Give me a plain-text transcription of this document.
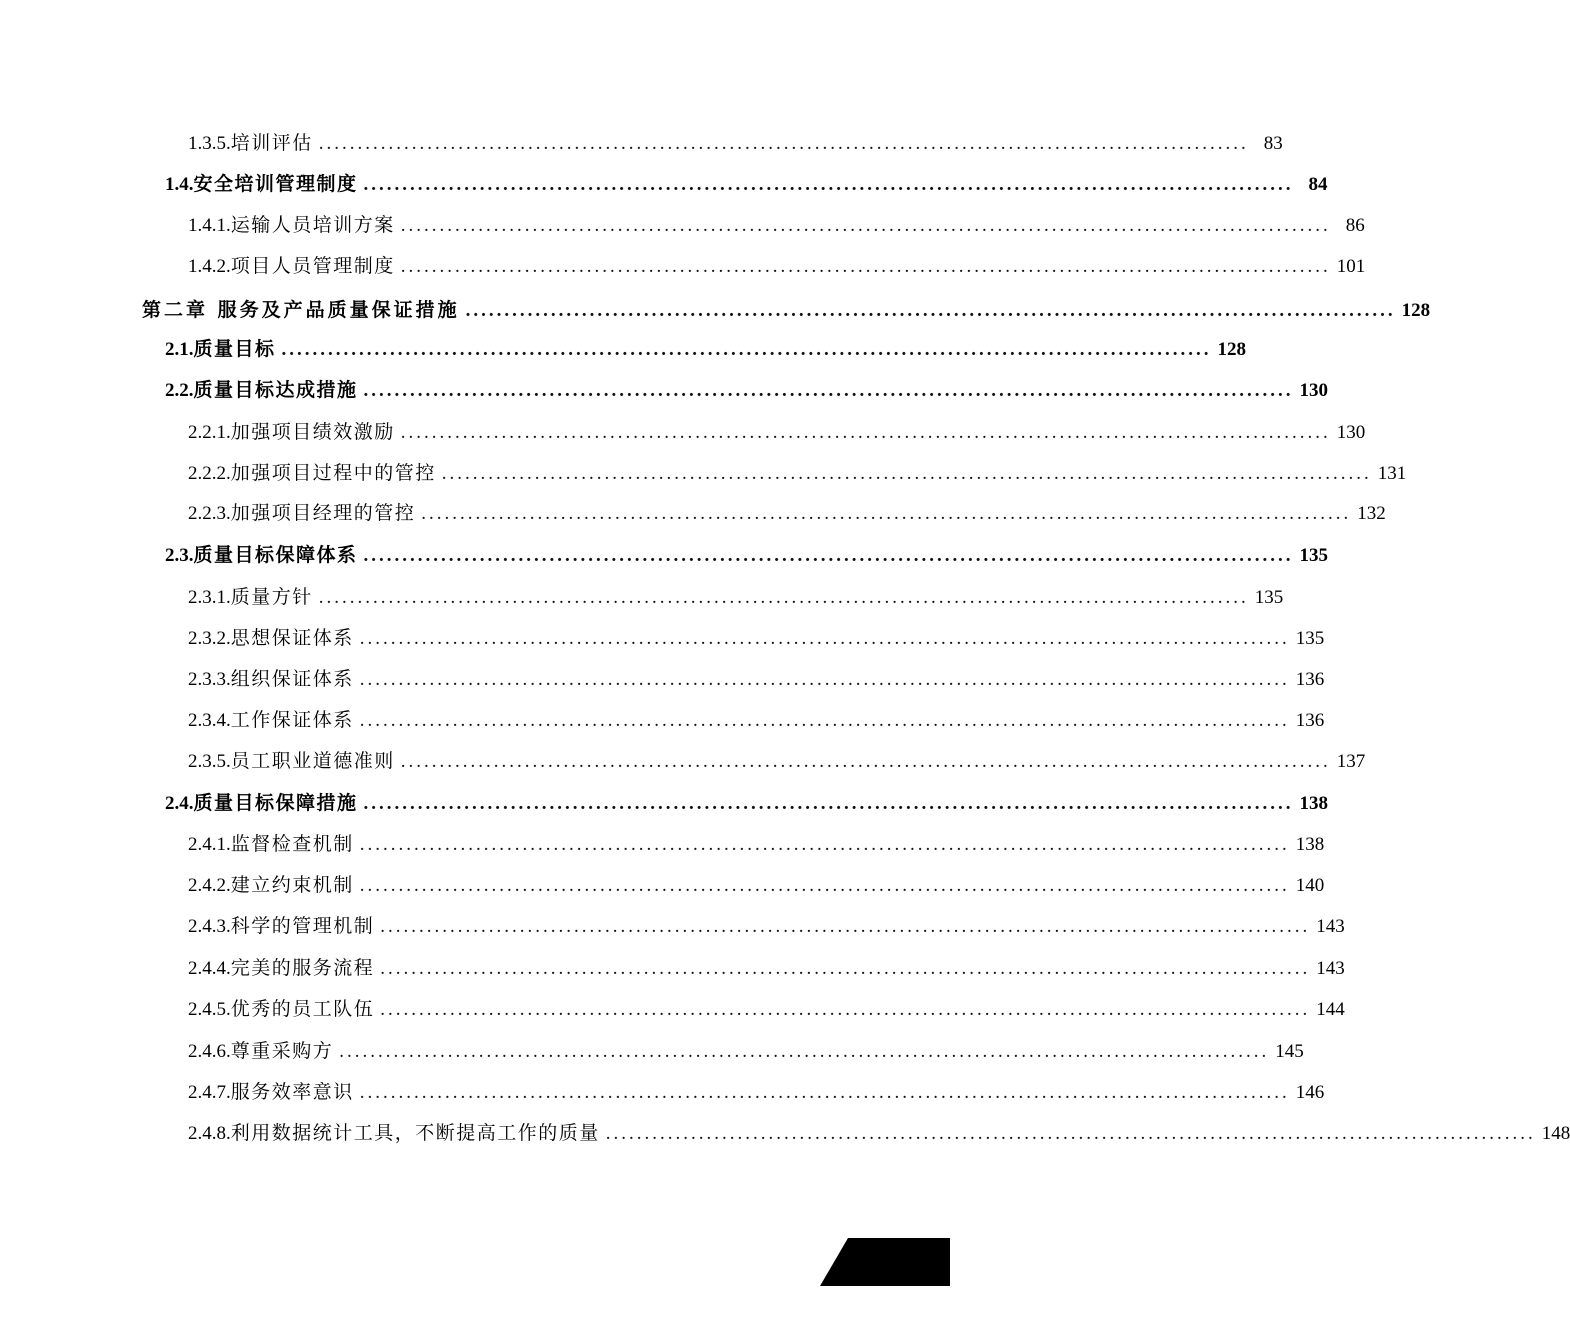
1.3.5. 培训评估 ........................................................................................................................ 83
1.4. 安全培训管理制度 ........................................................................................................................ 84
1.4.1. 运输人员培训方案 ........................................................................................................................ 86
1.4.2. 项目人员管理制度 ........................................................................................................................ 101
第二章 服务及产品质量保证措施 ........................................................................................................................ 128
2.1. 质量目标 ........................................................................................................................ 128
2.2. 质量目标达成措施 ........................................................................................................................ 130
2.2.1. 加强项目绩效激励 ........................................................................................................................ 130
2.2.2. 加强项目过程中的管控 ........................................................................................................................ 131
2.2.3. 加强项目经理的管控 ........................................................................................................................ 132
2.3. 质量目标保障体系 ........................................................................................................................ 135
2.3.1. 质量方针 ........................................................................................................................ 135
2.3.2. 思想保证体系 ........................................................................................................................ 135
2.3.3. 组织保证体系 ........................................................................................................................ 136
2.3.4. 工作保证体系 ........................................................................................................................ 136
2.3.5. 员工职业道德准则 ........................................................................................................................ 137
2.4. 质量目标保障措施 ........................................................................................................................ 138
2.4.1. 监督检查机制 ........................................................................................................................ 138
2.4.2. 建立约束机制 ........................................................................................................................ 140
2.4.3. 科学的管理机制 ........................................................................................................................ 143
2.4.4. 完美的服务流程 ........................................................................................................................ 143
2.4.5. 优秀的员工队伍 ........................................................................................................................ 144
2.4.6. 尊重采购方 ........................................................................................................................ 145
2.4.7. 服务效率意识 ........................................................................................................................ 146
2.4.8. 利用数据统计工具，不断提高工作的质量 ........................................................................................................................ 148
